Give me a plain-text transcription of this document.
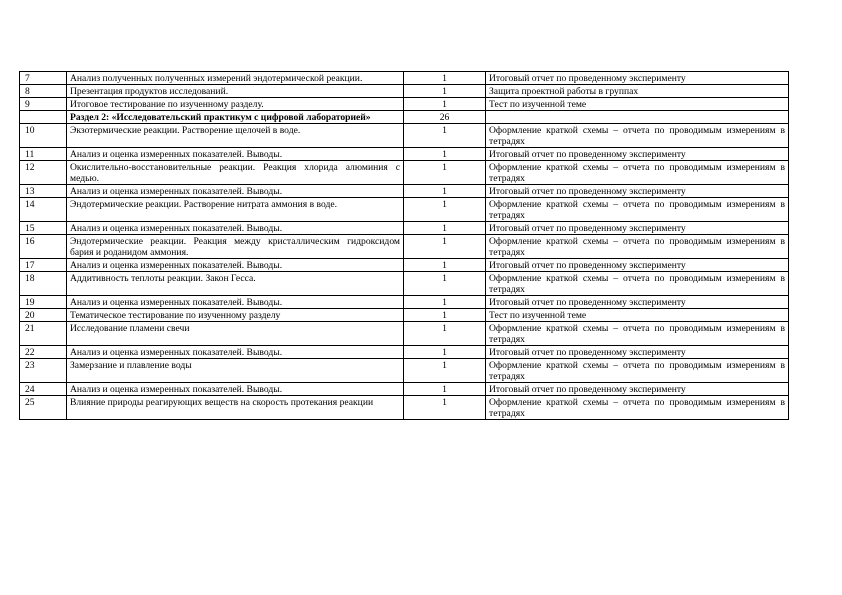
7	Анализ полученных полученных измерений эндотермической реакции.	1	Итоговый отчет по проведенному эксперименту
8	Презентация продуктов исследований.	1	Защита проектной работы в группах
9	Итоговое тестирование по изученному разделу.	1	Тест по изученной теме
	Раздел 2: «Исследовательский практикум с цифровой лабораторией»	26	
10	Экзотермические реакции. Растворение щелочей в воде.	1	Оформление краткой схемы – отчета по проводимым измерениям в тетрадях
11	Анализ и оценка измеренных показателей. Выводы.	1	Итоговый отчет по проведенному эксперименту
12	Окислительно-восстановительные реакции. Реакция хлорида алюминия с медью.	1	Оформление краткой схемы – отчета по проводимым измерениям в тетрадях
13	Анализ и оценка измеренных показателей. Выводы.	1	Итоговый отчет по проведенному эксперименту
14	Эндотермические реакции. Растворение нитрата аммония в воде.	1	Оформление краткой схемы – отчета по проводимым измерениям в тетрадях
15	Анализ и оценка измеренных показателей. Выводы.	1	Итоговый отчет по проведенному эксперименту
16	Эндотермические реакции. Реакция между кристаллическим гидроксидом бария и роданидом аммония.	1	Оформление краткой схемы – отчета по проводимым измерениям в тетрадях
17	Анализ и оценка измеренных показателей. Выводы.	1	Итоговый отчет по проведенному эксперименту
18	Аддитивность теплоты реакции. Закон Гесса.	1	Оформление краткой схемы – отчета по проводимым измерениям в тетрадях
19	Анализ и оценка измеренных показателей. Выводы.	1	Итоговый отчет по проведенному эксперименту
20	Тематическое тестирование по изученному разделу	1	Тест по изученной теме
21	Исследование пламени свечи	1	Оформление краткой схемы – отчета по проводимым измерениям в тетрадях
22	Анализ и оценка измеренных показателей. Выводы.	1	Итоговый отчет по проведенному эксперименту
23	Замерзание и плавление воды	1	Оформление краткой схемы – отчета по проводимым измерениям в тетрадях
24	Анализ и оценка измеренных показателей. Выводы.	1	Итоговый отчет по проведенному эксперименту
25	Влияние природы реагирующих веществ на скорость протекания реакции	1	Оформление краткой схемы – отчета по проводимым измерениям в тетрадях
